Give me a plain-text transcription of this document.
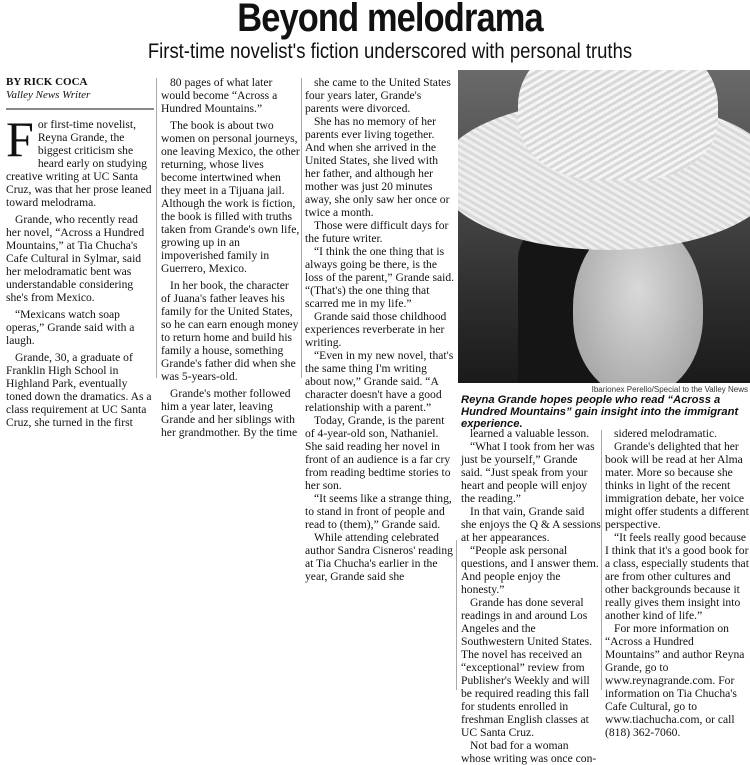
Beyond melodrama
First-time novelist's fiction underscored with personal truths

BY RICK COCA

Valley News Writer

For first-time novelist, Reyna Grande, the biggest criticism she heard early on studying creative writing at UC Santa Cruz, was that her prose leaned toward melodrama.

Grande, who recently read her novel, “Across a Hundred Mountains,” at Tia Chucha's Cafe Cultural in Sylmar, said her melodramatic bent was understandable considering she's from Mexico.

“Mexicans watch soap operas,” Grande said with a laugh.

Grande, 30, a graduate of Franklin High School in Highland Park, eventually toned down the dramatics. As a class requirement at UC Santa Cruz, she turned in the first

80 pages of what later would become “Across a Hundred Mountains.”

The book is about two women on personal journeys, one leaving Mexico, the other returning, whose lives become intertwined when they meet in a Tijuana jail. Although the work is fiction, the book is filled with truths taken from Grande's own life, growing up in an impoverished family in Guerrero, Mexico.

In her book, the character of Juana's father leaves his family for the United States, so he can earn enough money to return home and build his family a house, something Grande's father did when she was 5-years-old.

Grande's mother followed him a year later, leaving Grande and her siblings with her grandmother. By the time

she came to the United States four years later, Grande's parents were divorced.

She has no memory of her parents ever living together. And when she arrived in the United States, she lived with her father, and although her mother was just 20 minutes away, she only saw her once or twice a month.

Those were difficult days for the future writer.

“I think the one thing that is always going be there, is the loss of the parent,” Grande said. “(That's) the one thing that scarred me in my life.”

Grande said those childhood experiences reverberate in her writing.

“Even in my new novel, that's the same thing I'm writing about now,” Grande said. “A character doesn't have a good relationship with a parent.”

Today, Grande, is the parent of 4-year-old son, Nathaniel. She said reading her novel in front of an audience is a far cry from reading bedtime stories to her son.

“It seems like a strange thing, to stand in front of people and read to (them),” Grande said.

While attending celebrated author Sandra Cisneros' reading at Tia Chucha's earlier in the year, Grande said she

Ibarionex Perello/Special to the Valley News
Reyna Grande hopes people who read “Across a Hundred Mountains” gain insight into the immigrant experience.

learned a valuable lesson.

“What I took from her was just be yourself,” Grande said. “Just speak from your heart and people will enjoy the reading.”

In that vain, Grande said she enjoys the Q & A sessions at her appearances.

“People ask personal questions, and I answer them. And people enjoy the honesty.”

Grande has done several readings in and around Los Angeles and the Southwestern United States. The novel has received an “exceptional” review from Publisher's Weekly and will be required reading this fall for students enrolled in freshman English classes at UC Santa Cruz.

Not bad for a woman whose writing was once con-

sidered melodramatic.

Grande's delighted that her book will be read at her Alma mater. More so because she thinks in light of the recent immigration debate, her voice might offer students a different perspective.

“It feels really good because I think that it's a good book for a class, especially students that are from other cultures and other backgrounds because it really gives them insight into another kind of life.”

For more information on “Across a Hundred Mountains” and author Reyna Grande, go to www.reynagrande.com. For information on Tia Chucha's Cafe Cultural, go to www.tiachucha.com, or call (818) 362-7060.
